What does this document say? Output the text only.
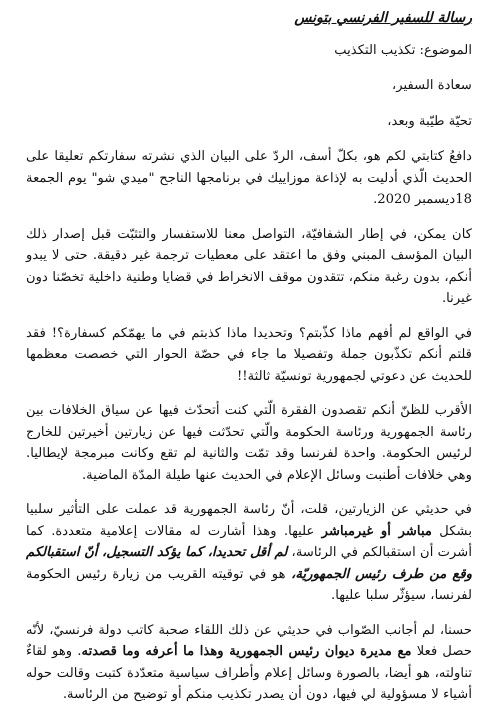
رسالة للسفير الفرنسي بتونس

الموضوع: تكذيب التكذيب

سعادة السفير،

تحيّة طيّبة وبعد،

دافعُ كتابتي لكم هو، بكلّ أسف، الردّ على البيان الذي نشرته سفارتكم تعليقا على الحديث الّذي أدليت به لإذاعة موزاييك في برنامجها الناجح "ميدي شو" يوم الجمعة 18ديسمبر 2020.

كان يمكن، في إطار الشفافيّة، التواصل معنا للاستفسار والتثبّت قبل إصدار ذلك البيان المؤسف المبني وفق ما اعتقد على معطيات ترجمة غير دقيقة. حتى لا يبدو أنكم، بدون رغبة منكم، تتقدون موقف الانخراط في قضايا وطنية داخلية تخصّنا دون غيرنا.

في الواقع لم أفهم ماذا كذّبتم؟ وتحديدا ماذا كذبتم في ما يهمّكم كسفارة؟! فقد قلتم أنكم تكذّبون جملة وتفصيلا ما جاء في حصّة الحوار التي خصصت معظمها للحديث عن دعوتي لجمهورية تونسيّة ثالثة!!

الأقرب للظنّ أنكم تقصدون الفقرة الّتي كنت أتحدّث فيها عن سياق الخلافات بين رئاسة الجمهورية ورئاسة الحكومة والّتي تحدّثت فيها عن زيارتين أخيرتين للخارج لرئيس الحكومة. واحدة لفرنسا وقد تمّت والثانية لم تقع وكانت مبرمجة لإيطاليا. وهي خلافات أطنبت وسائل الإعلام في الحديث عنها طيلة المدّة الماضية.

في حديثي عن الزيارتين، قلت، أنّ رئاسة الجمهورية قد عملت على التأثير سلبيا بشكل مباشر أو غيرمباشر عليها. وهذا أشارت له مقالات إعلامية متعددة. كما أشرت أن استقبالكم في الرئاسة، لم أقل تحديدا، كما يؤكد التسجيل، أنّ استقبالكم وقع من طرف رئيس الجمهوريّة، هو في توقيته القريب من زيارة رئيس الحكومة لفرنسا، سيؤثّر سلبا عليها.

حسنا، لم أجانب الصّواب في حديثي عن ذلك اللقاء صحبة كاتب دولة فرنسيّ، لأنّه حصل فعلا مع مديرة ديوان رئيس الجمهورية وهذا ما أعرفه وما قصدته. وهو لقاءٌ تناولته، هو أيضا، بالصورة وسائل إعلام وأطراف سياسية متعدّدة كتبت وقالت حوله أشياء لا مسؤولية لي فيها، دون أن يصدر تكذيب منكم أو توضيح من الرئاسة.
